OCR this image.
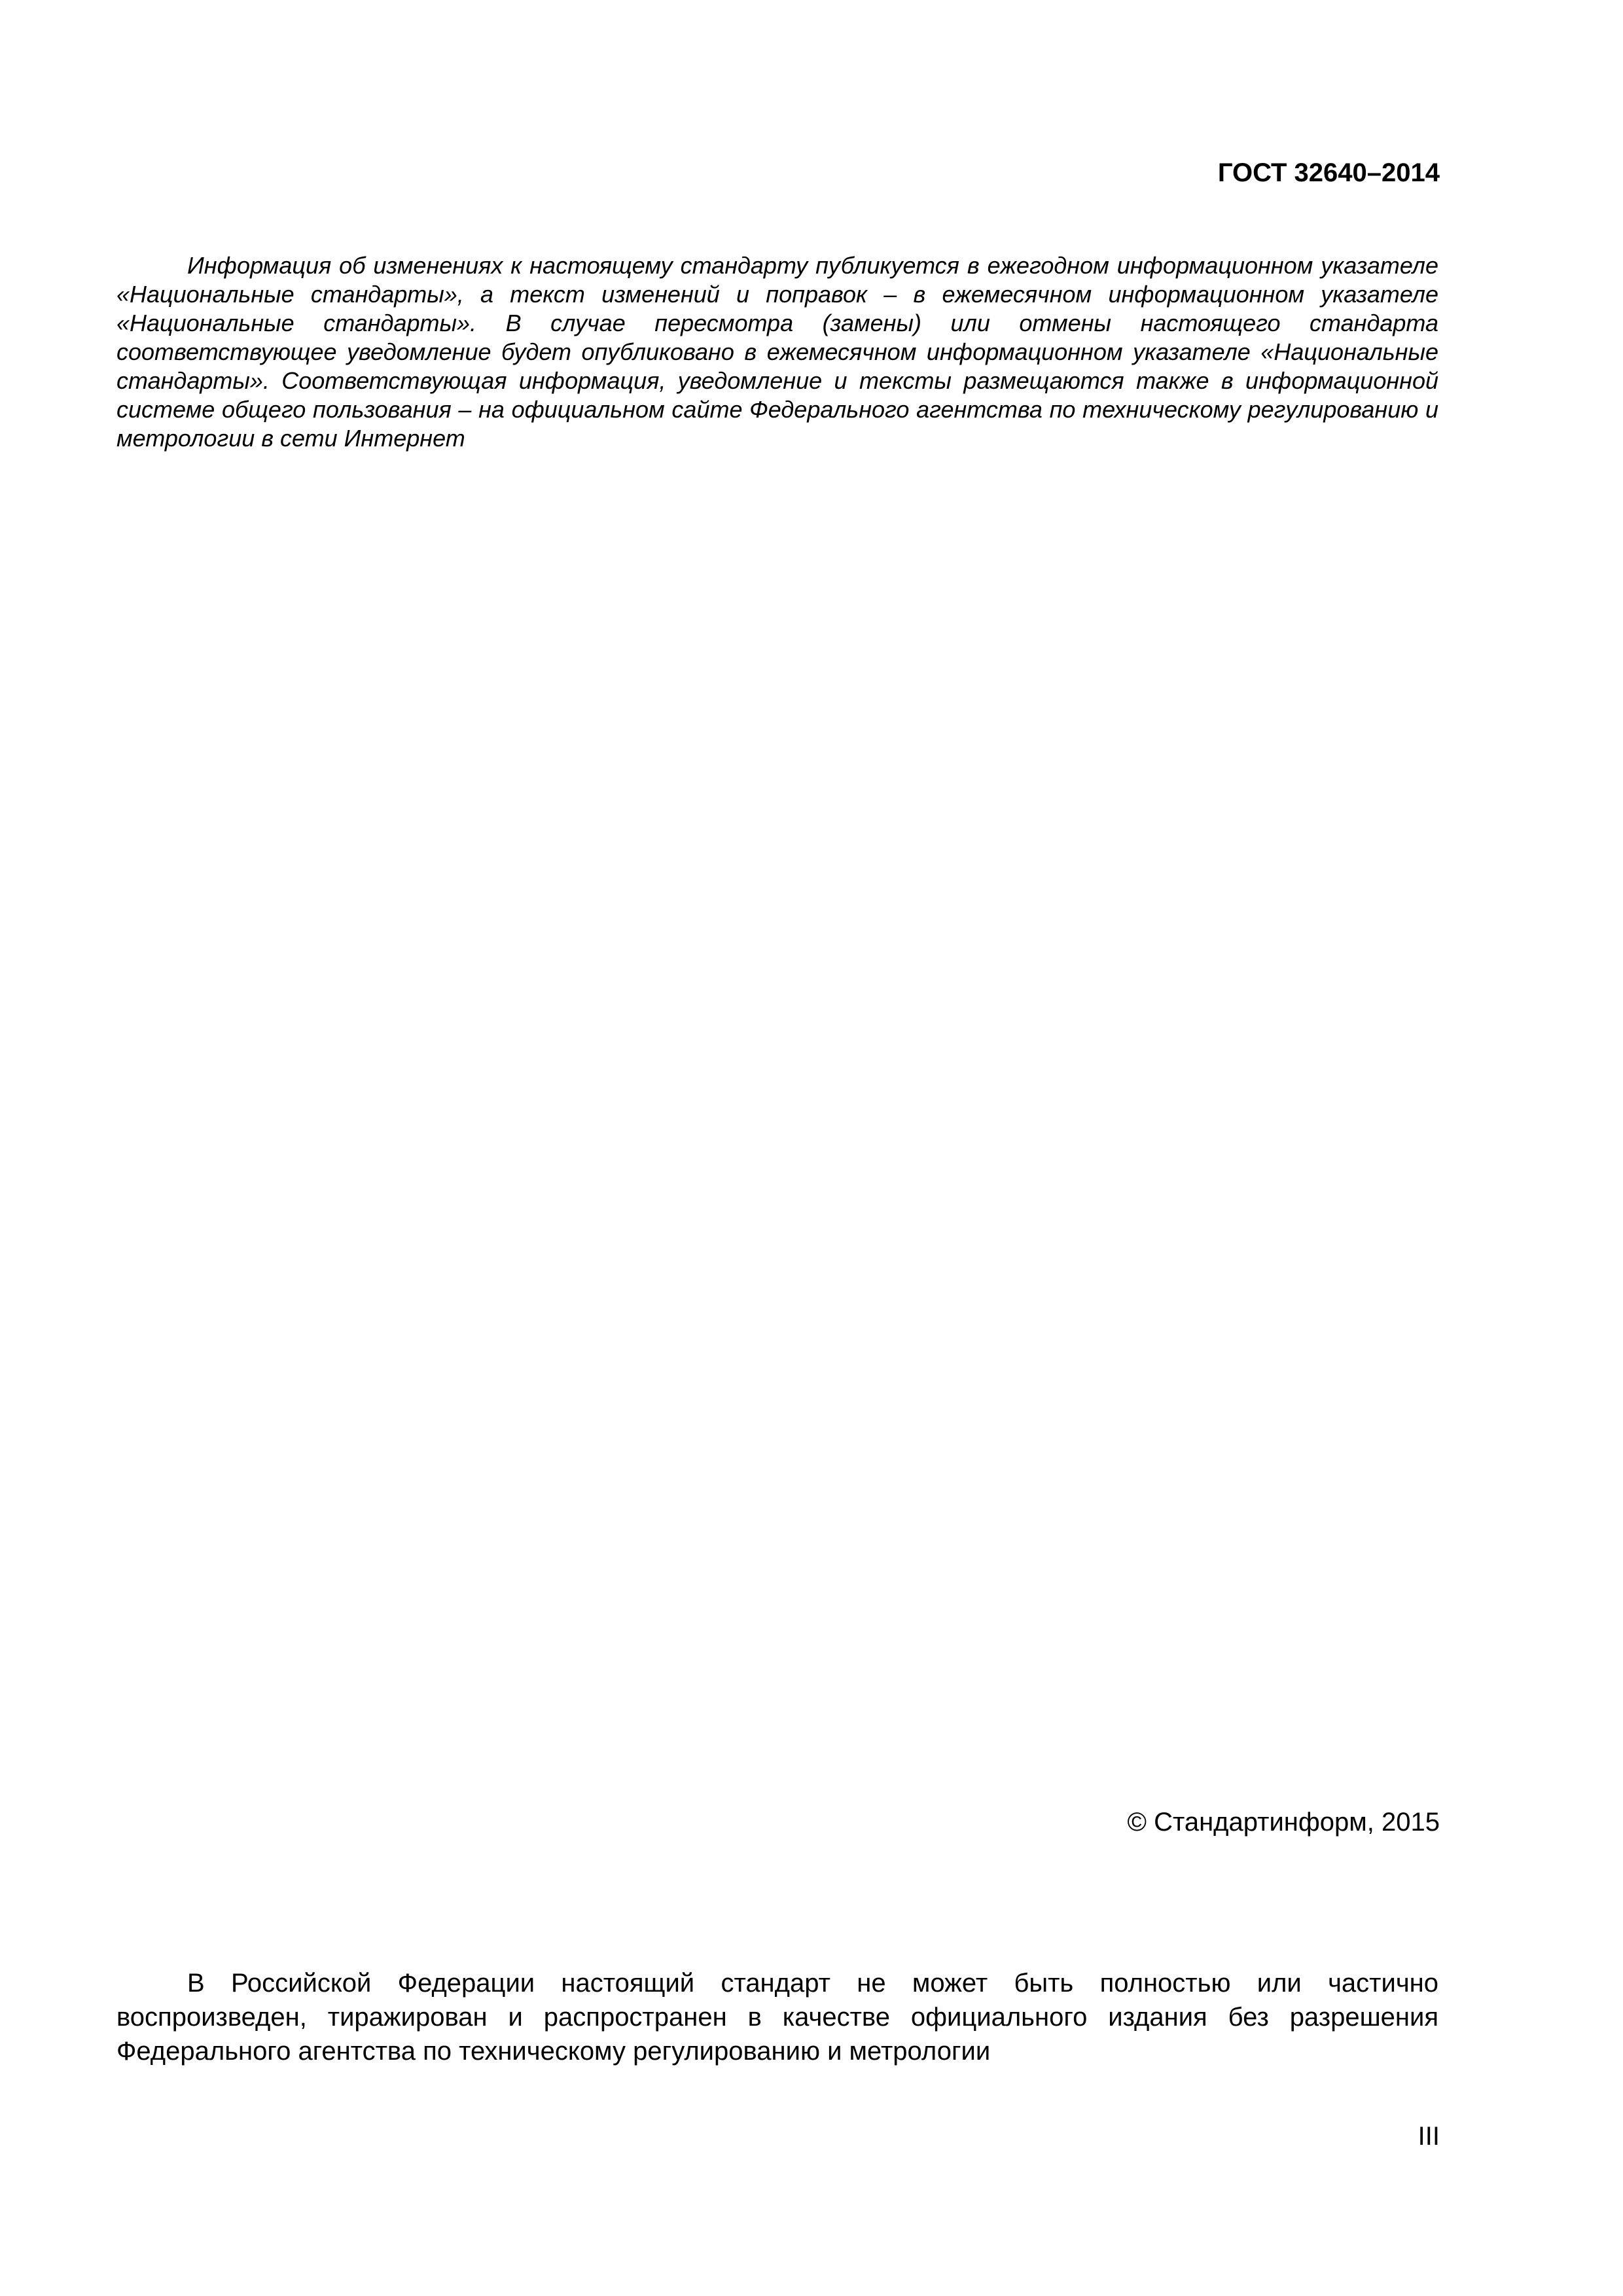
ГОСТ 32640–2014

Информация об изменениях к настоящему стандарту публикуется в ежегодном информационном указателе «Национальные стандарты», а текст изменений и поправок – в ежемесячном информационном указателе «Национальные стандарты». В случае пересмотра (замены) или отмены настоящего стандарта соответствующее уведомление будет опубликовано в ежемесячном информационном указателе «Национальные стандарты». Соответствующая информация, уведомление и тексты размещаются также в информационной системе общего пользования – на официальном сайте Федерального агентства по техническому регулированию и метрологии в сети Интернет

© Стандартинформ, 2015

В Российской Федерации настоящий стандарт не может быть полностью или частично воспроизведен, тиражирован и распространен в качестве официального издания без разрешения Федерального агентства по техническому регулированию и метрологии

III
